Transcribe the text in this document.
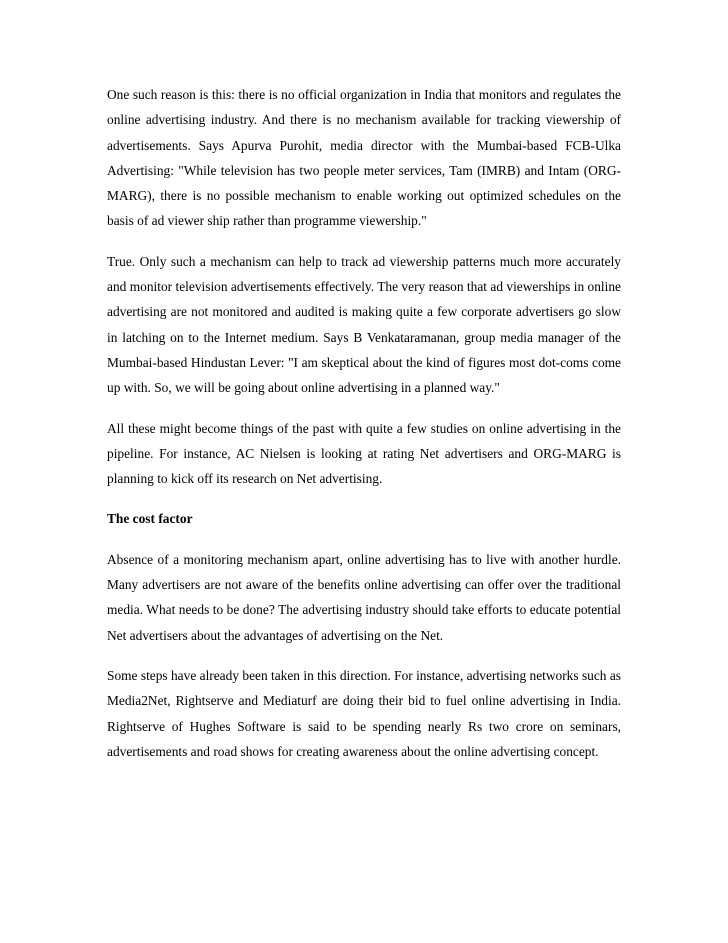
One such reason is this: there is no official organization in India that monitors and regulates the online advertising industry. And there is no mechanism available for tracking viewership of advertisements. Says Apurva Purohit, media director with the Mumbai-based FCB-Ulka Advertising: "While television has two people meter services, Tam (IMRB) and Intam (ORG-MARG), there is no possible mechanism to enable working out optimized schedules on the basis of ad viewer ship rather than programme viewership."

True. Only such a mechanism can help to track ad viewership patterns much more accurately and monitor television advertisements effectively. The very reason that ad viewerships in online advertising are not monitored and audited is making quite a few corporate advertisers go slow in latching on to the Internet medium. Says B Venkataramanan, group media manager of the Mumbai-based Hindustan Lever: "I am skeptical about the kind of figures most dot-coms come up with. So, we will be going about online advertising in a planned way."

All these might become things of the past with quite a few studies on online advertising in the pipeline. For instance, AC Nielsen is looking at rating Net advertisers and ORG-MARG is planning to kick off its research on Net advertising.

The cost factor

Absence of a monitoring mechanism apart, online advertising has to live with another hurdle. Many advertisers are not aware of the benefits online advertising can offer over the traditional media. What needs to be done? The advertising industry should take efforts to educate potential Net advertisers about the advantages of advertising on the Net.

Some steps have already been taken in this direction. For instance, advertising networks such as Media2Net, Rightserve and Mediaturf are doing their bid to fuel online advertising in India. Rightserve of Hughes Software is said to be spending nearly Rs two crore on seminars, advertisements and road shows for creating awareness about the online advertising concept.
